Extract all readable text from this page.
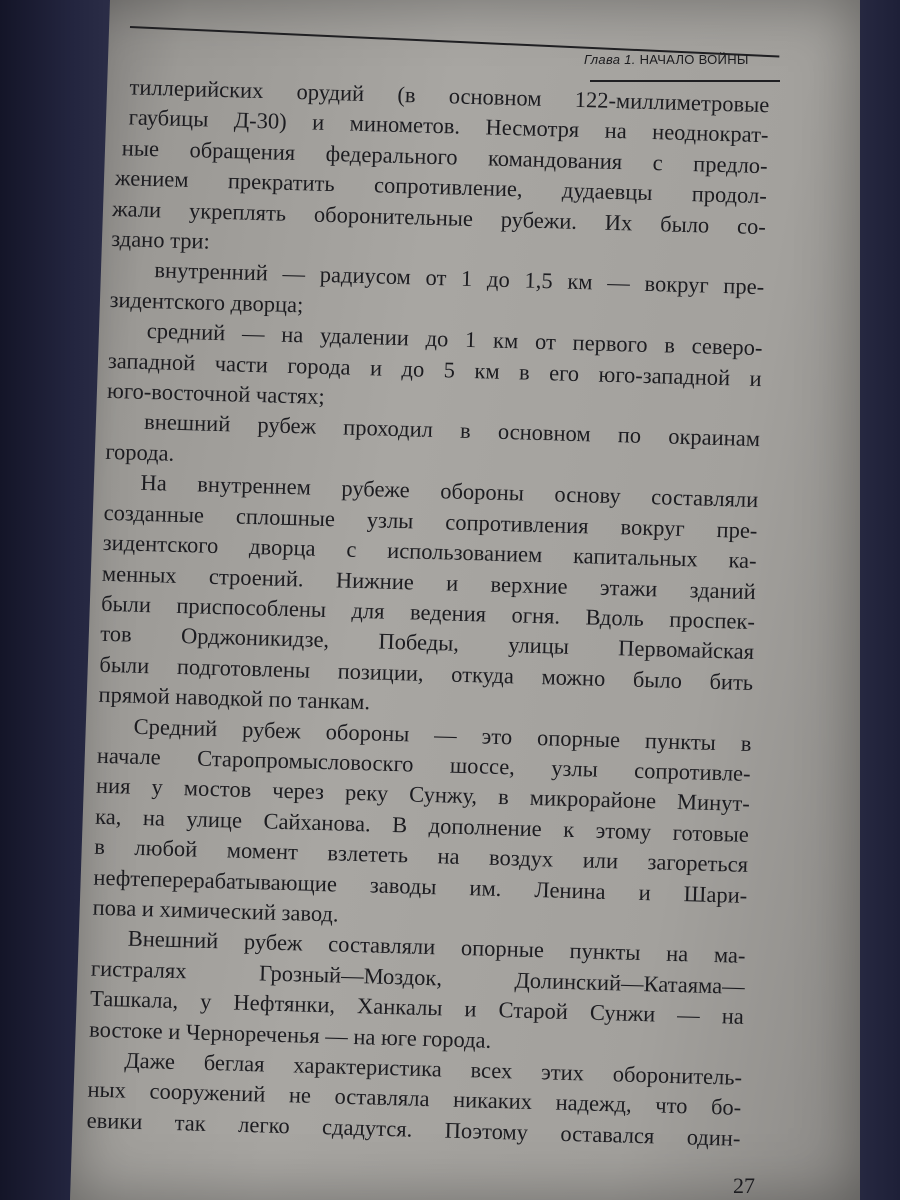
Глава 1. НАЧАЛО ВОЙНЫ
тиллерийских орудий (в основном 122-миллиметровые
гаубицы Д-30) и минометов. Несмотря на неоднократ-
ные обращения федерального командования с предло-
жением прекратить сопротивление, дудаевцы продол-
жали укреплять оборонительные рубежи. Их было со-
здано
три:
внутренний — радиусом от 1 до 1,5 км — вокруг пре-
зидентского
дворца;
средний — на удалении до 1 км от первого в северо-
западной части города и до 5 км в его юго-западной и
юго-восточной
частях;
внешний рубеж проходил в основном по окраинам
города.
На внутреннем рубеже обороны основу составляли
созданные сплошные узлы сопротивления вокруг пре-
зидентского дворца с использованием капитальных ка-
менных строений. Нижние и верхние этажи зданий
были приспособлены для ведения огня. Вдоль проспек-
тов Орджоникидзе, Победы, улицы Первомайская
были подготовлены позиции, откуда можно было бить
прямой
наводкой
по
танкам.
Средний рубеж обороны — это опорные пункты в
начале Старопромысловоскго шоссе, узлы сопротивле-
ния у мостов через реку Сунжу, в микрорайоне Минут-
ка, на улице Сайханова. В дополнение к этому готовые
в любой момент взлететь на воздух или загореться
нефтеперерабатывающие заводы им. Ленина и Шари-
пова
и
химический
завод.
Внешний рубеж составляли опорные пункты на ма-
гистралях	Грозный—Моздок,	Долинский—Катаяма—
Ташкала, у Нефтянки, Ханкалы и Старой Сунжи — на
востоке
и
Чернореченья
—
на
юге
города.
Даже беглая характеристика всех этих оборонитель-
ных сооружений не оставляла никаких надежд, что бо-
евики так легко сдадутся. Поэтому оставался один-
27
